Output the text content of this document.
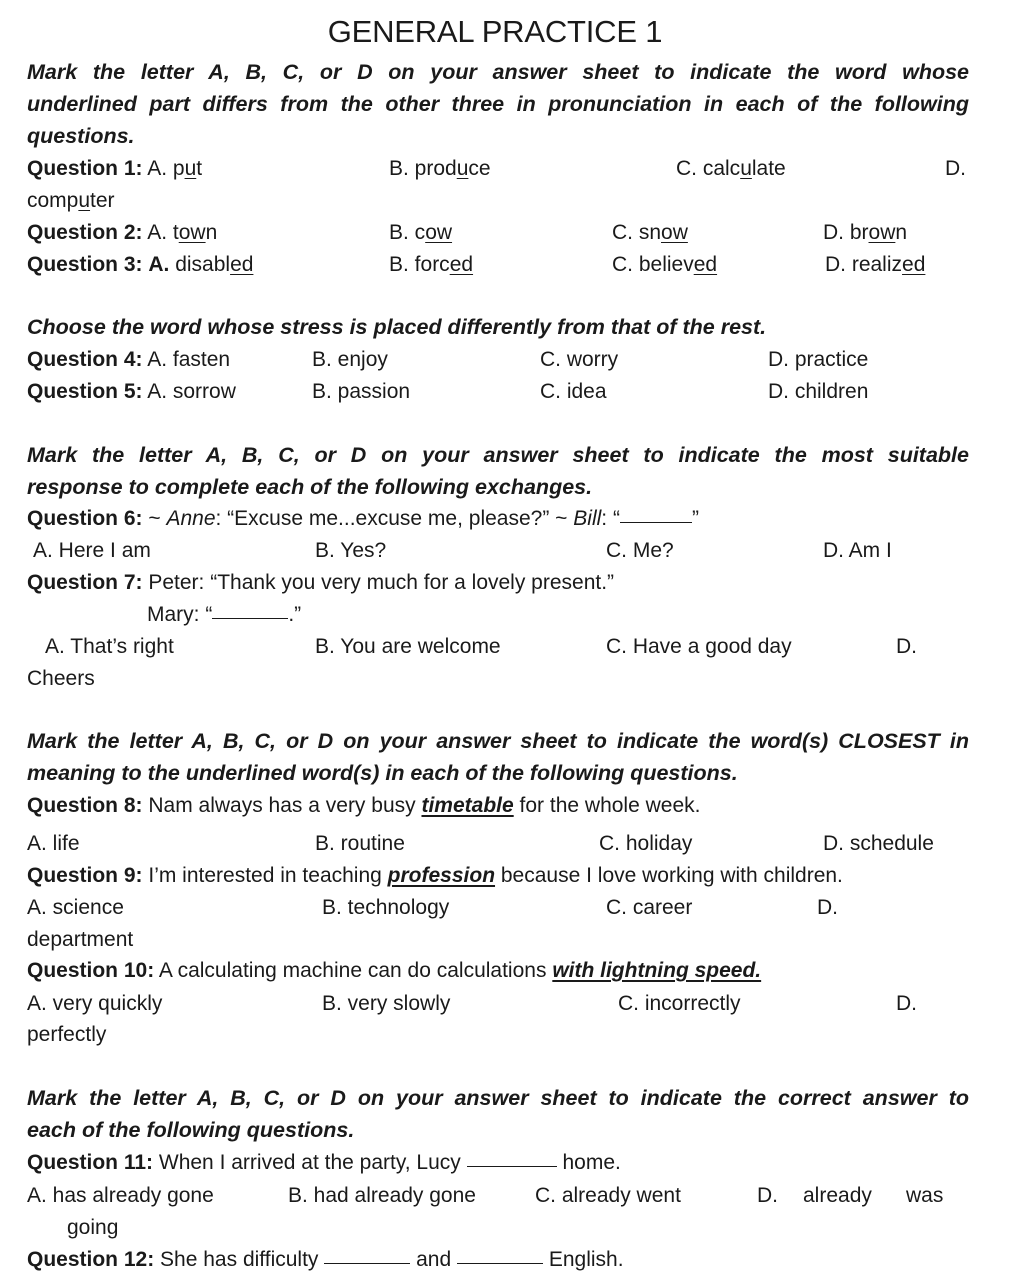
GENERAL PRACTICE 1
Mark the letter A, B, C, or D on your answer sheet to indicate the word whose
underlined part differs from the other three in pronunciation in each of the following
questions.
Question 1: A. put	B. produce	C. calculate	D.
computer
Question 2: A. town	B. cow	C. snow	D. brown
Question 3: A. disabled	B. forced	C. believed	D. realized
Choose the word whose stress is placed differently from that of the rest.
Question 4: A. fasten	B. enjoy	C. worry	D. practice
Question 5: A. sorrow	B. passion	C. idea	D. children
Mark the letter A, B, C, or D on your answer sheet to indicate the most suitable
response to complete each of the following exchanges.
Question 6: ~ Anne: “Excuse me...excuse me, please?” ~ Bill: “	”
A. Here I am	B. Yes?	C. Me?	D. Am I
Question 7: Peter: “Thank you very much for a lovely present.”
Mary: “	.”
A. That’s right	B. You are welcome	C. Have a good day	D.
Cheers
Mark the letter A, B, C, or D on your answer sheet to indicate the word(s) CLOSEST in
meaning to the underlined word(s) in each of the following questions.
Question 8: Nam always has a very busy timetable for the whole week.
A. life	B. routine	C. holiday	D. schedule
Question 9: I’m interested in teaching profession because I love working with children.
A. science	B. technology	C. career	D.
department
Question 10: A calculating machine can do calculations with lightning speed.
A. very quickly	B. very slowly	C. incorrectly	D.
perfectly
Mark the letter A, B, C, or D on your answer sheet to indicate the correct answer to
each of the following questions.
Question 11: When I arrived at the party, Lucy	home.
A. has already gone	B. had already gone	C. already went	D. already was
going
Question 12: She has difficulty	and	English.
